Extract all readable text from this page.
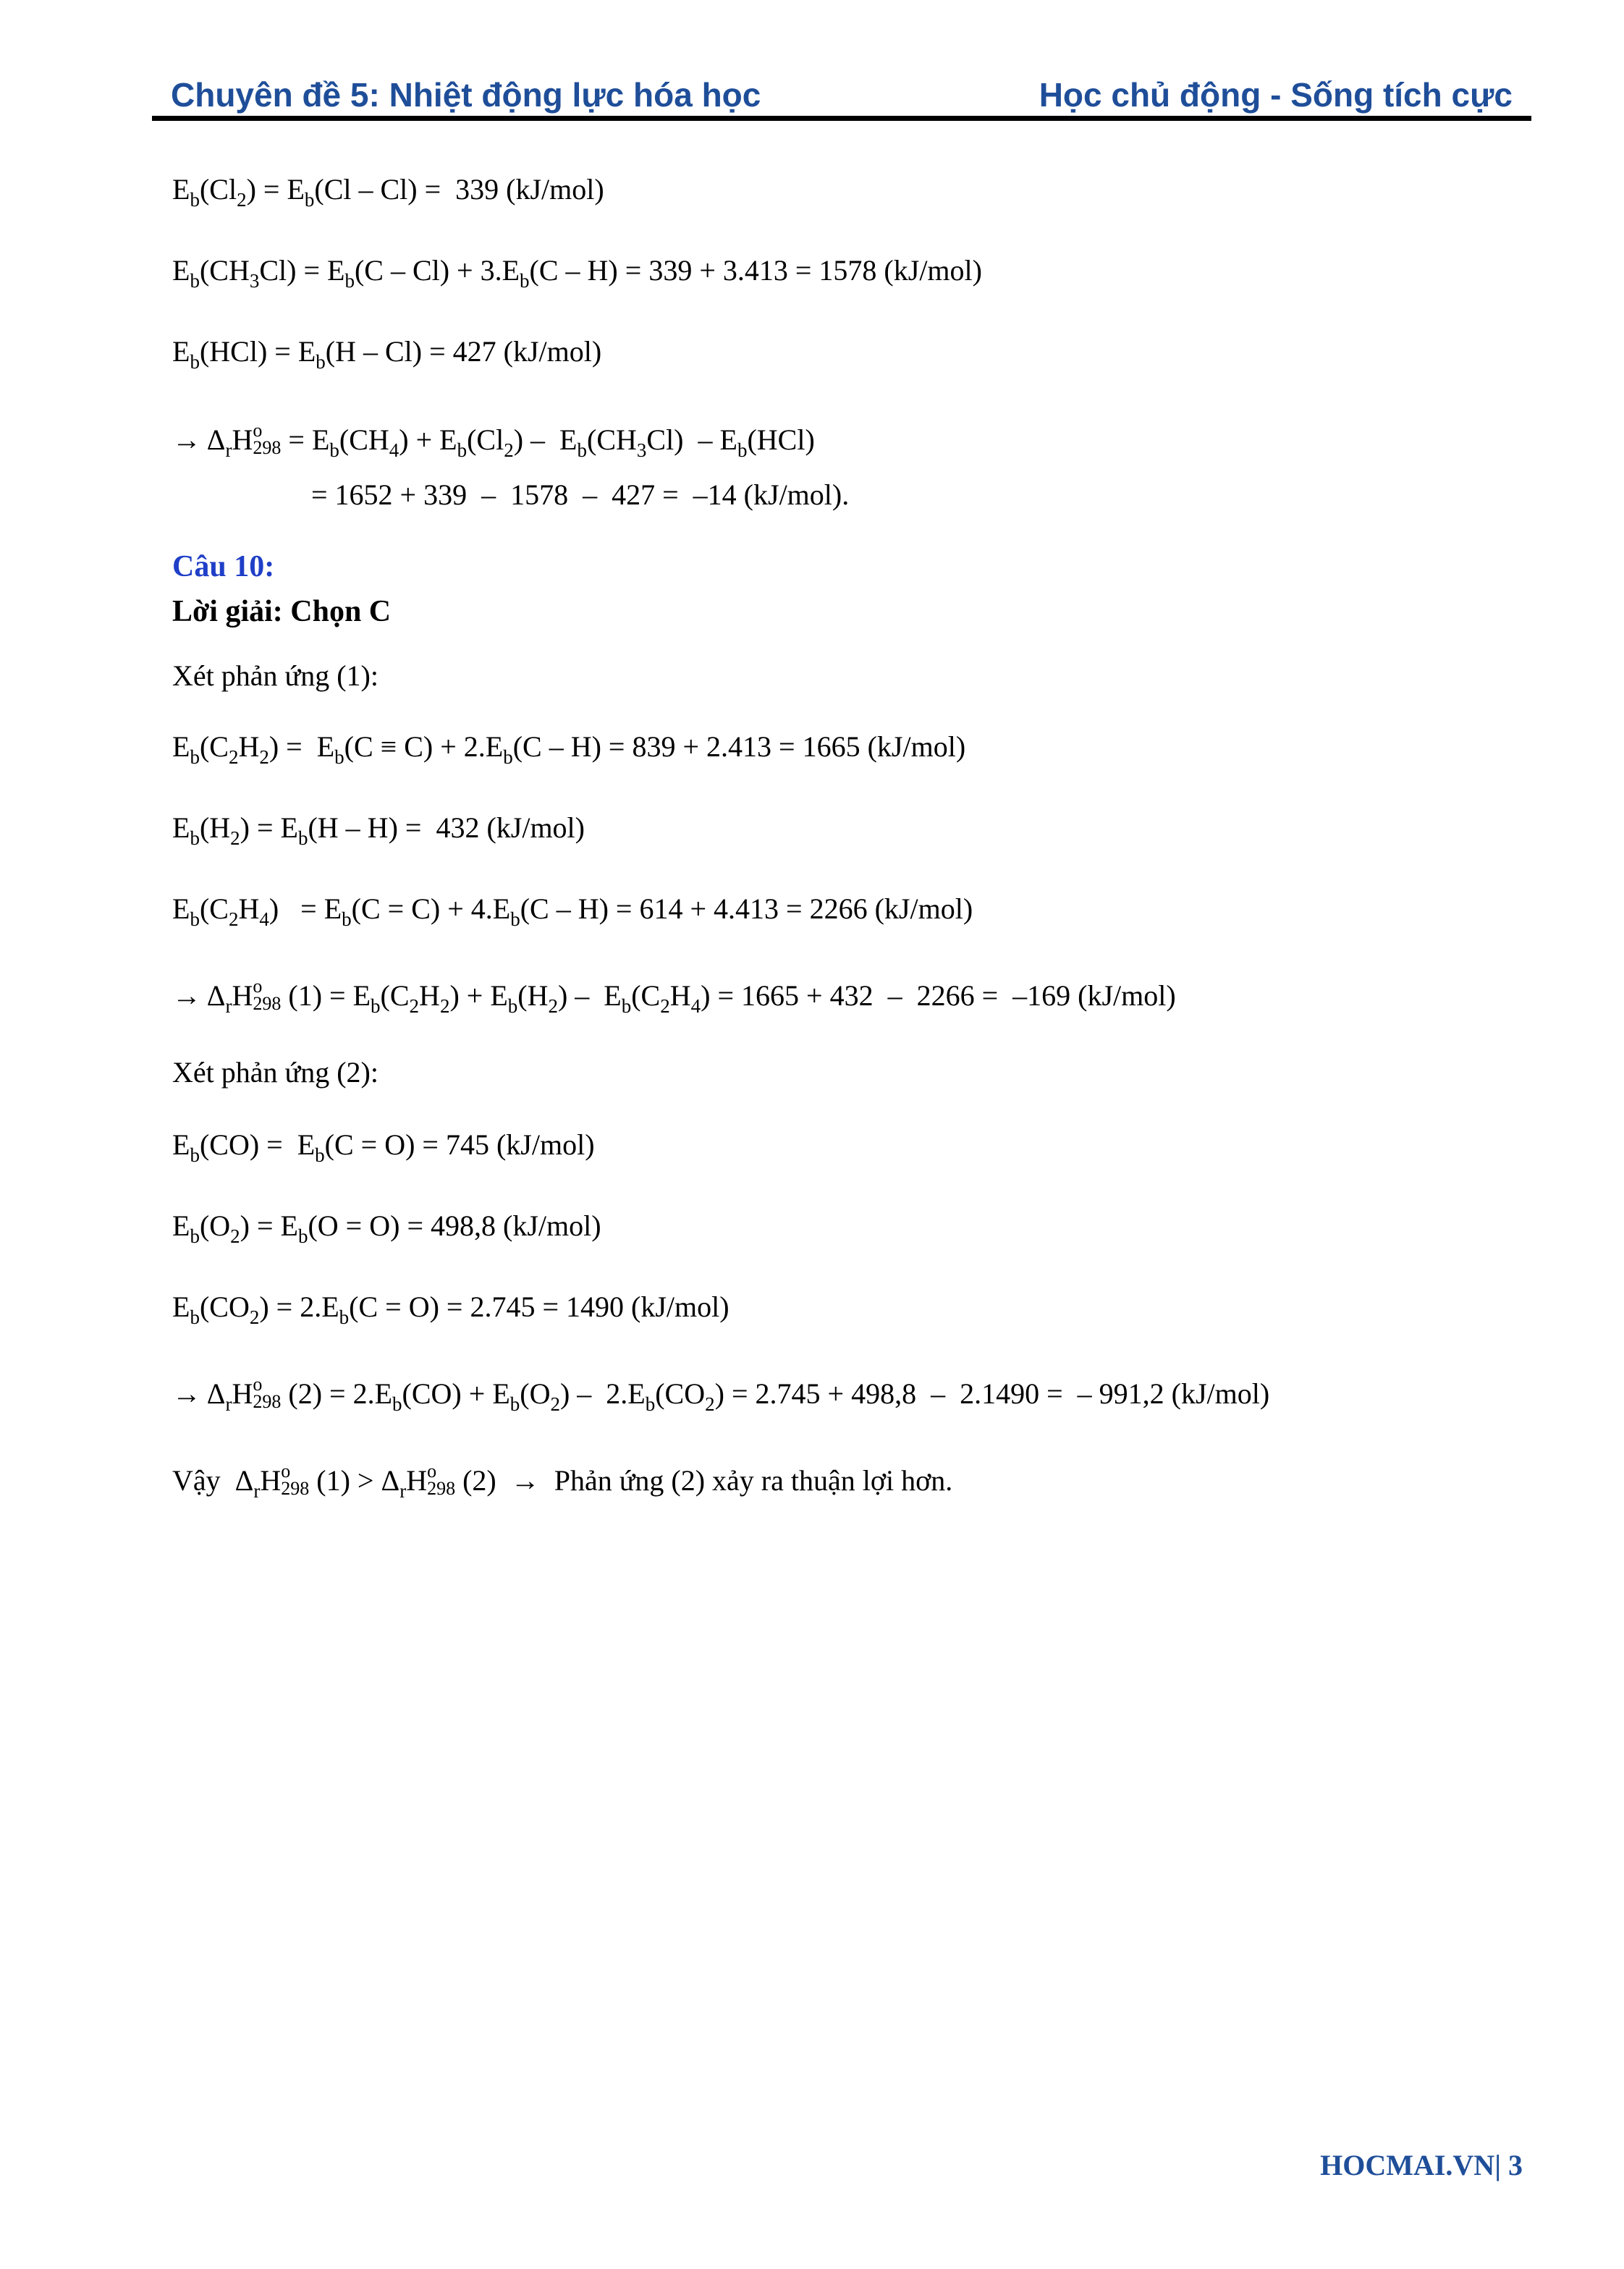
Chuyên đề 5: Nhiệt động lực hóa học	Học chủ động - Sống tích cực
$E_b(Cl_2) = E_b(Cl - Cl) = 339$ (kJ/mol)
$E_b(CH_3Cl) = E_b(C - Cl) + 3.E_b(C - H) = 339 + 3.413 = 1578$ (kJ/mol)
$E_b(HCl) = E_b(H - Cl) = 427$ (kJ/mol)
→ $\Delta_rH$ o
$298 = E_b(CH_4) + E_b(Cl_2) - E_b(CH_3Cl) - E_b(HCl)$
= 1652 + 339  –  1578  –  427 =  –14 (kJ/mol).
Câu 10:
Lời giải: Chọn C
Xét phản ứng (1):
$E_b(C_2H_2) = E_b(C \equiv C) + 2.E_b(C - H) = 839 + 2.413 = 1665$ (kJ/mol)
$E_b(H_2) = E_b(H - H) = 432$ (kJ/mol)
$E_b(C_2H_4) = E_b(C = C) + 4.E_b(C - H) = 614 + 4.413 = 2266$ (kJ/mol)
→ $\Delta_rH$ o
298 $(1) = E_b(C_2H_2) + E_b(H_2) - E_b(C_2H_4) = 1665 + 432 - 2266 = -169$ (kJ/mol)
Xét phản ứng (2):
$E_b(CO) = E_b(C = O) = 745$ (kJ/mol)
$E_b(O_2) = E_b(O = O) = 498,8$ (kJ/mol)
$E_b(CO_2) = 2.E_b(C = O) = 2.745 = 1490$ (kJ/mol)
→ $\Delta_rH$ o
298 $(2) = 2.E_b(CO) + E_b(O_2) - 2.E_b(CO_2) = 2.745 + 498,8 - 2.1490$ =  – 991,2 (kJ/mol)
Vậy  $\Delta_rH$ o
298 $(1) > \Delta_rH$ o
298 (2)  →  Phản ứng (2) xảy ra thuận lợi hơn.
HOCMAI.VN| 3
